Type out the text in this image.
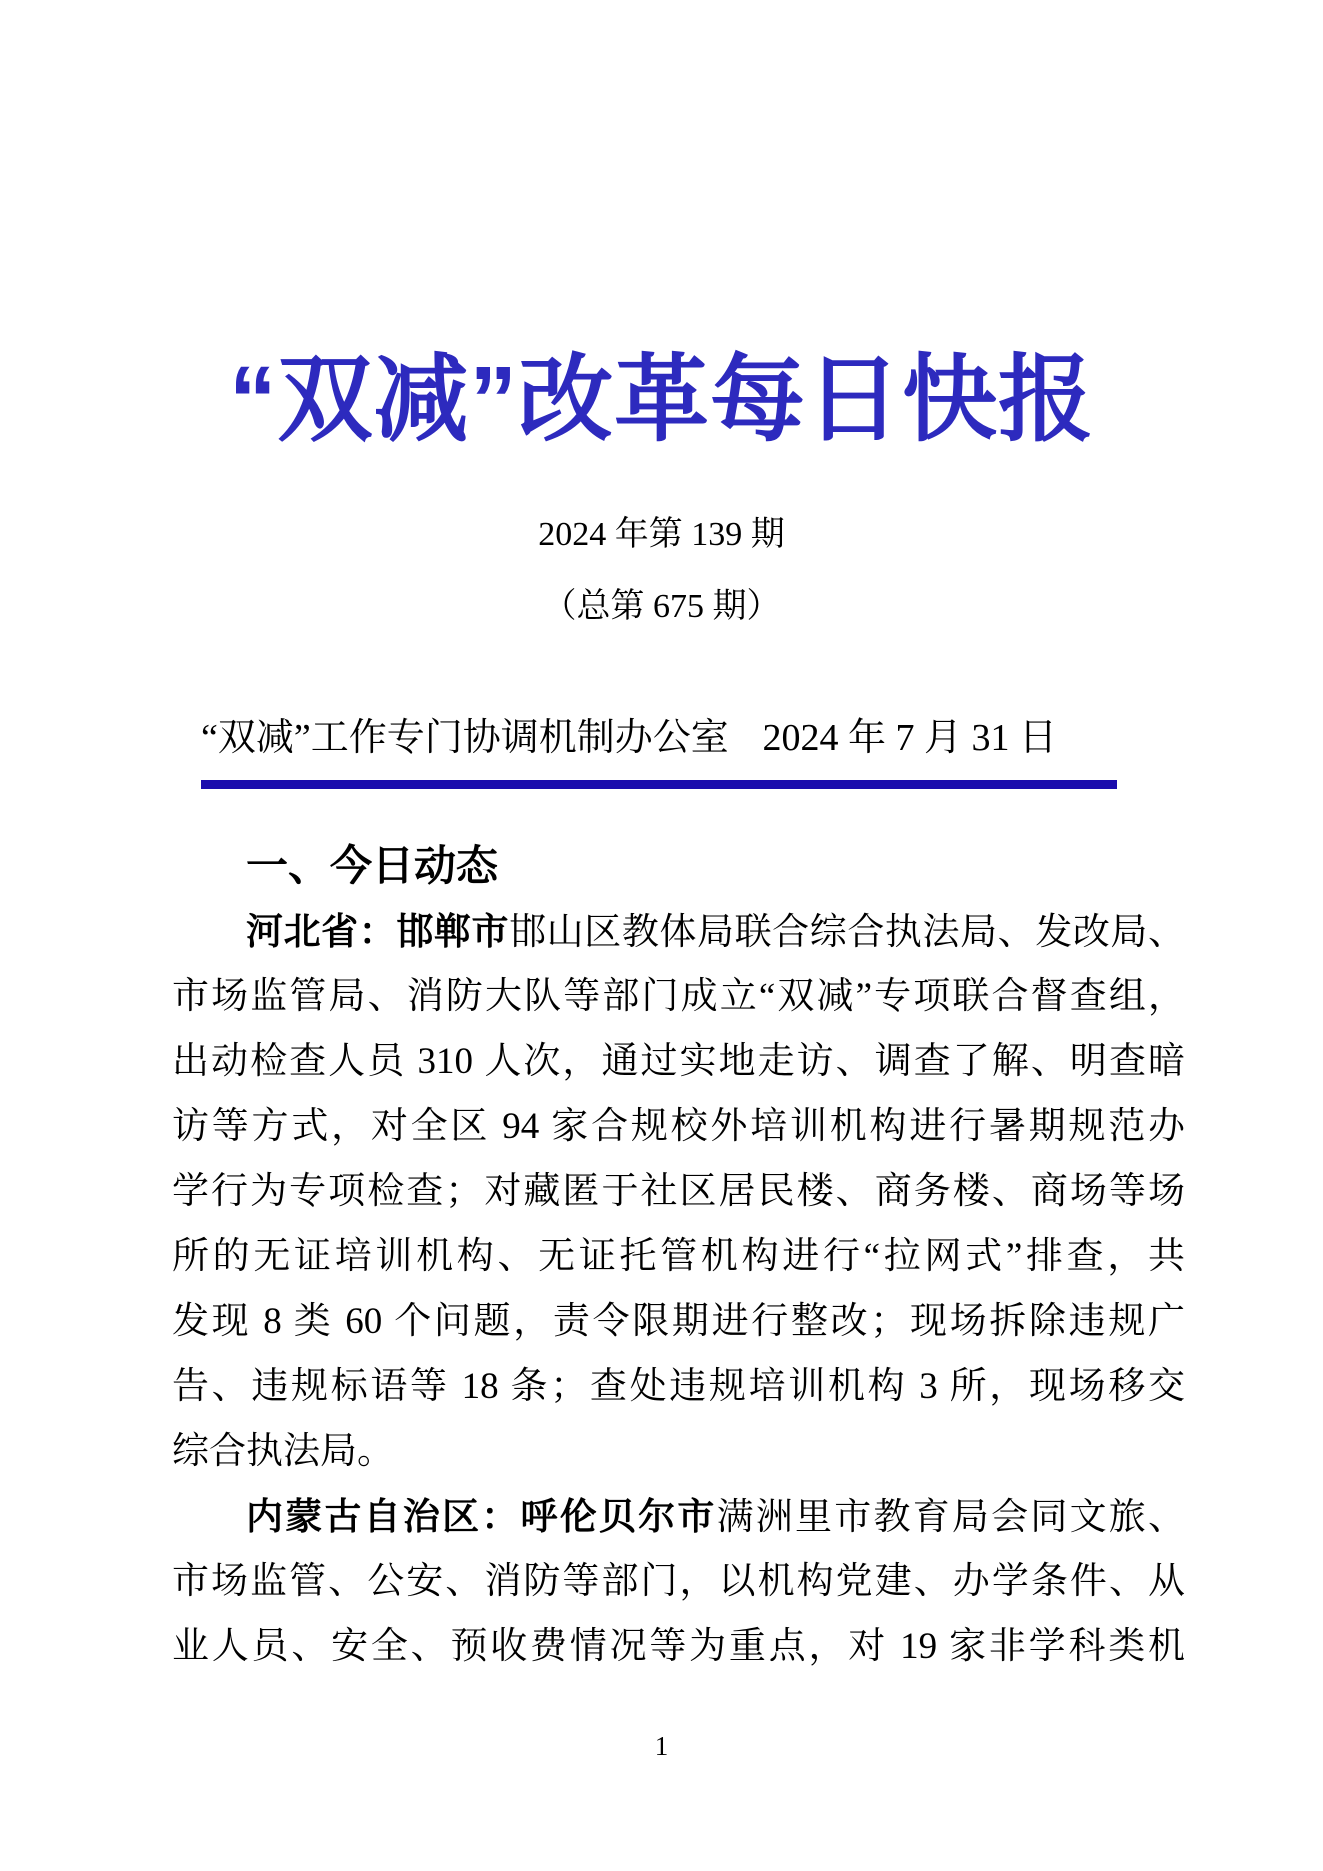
“双减”改革每日快报
2024 年第 139 期
（总第 675 期）
“双减”工作专门协调机制办公室 2024 年 7 月 31 日
一、今日动态
河北省：邯郸市邯山区教体局联合综合执法局、发改局、
市场监管局、消防大队等部门成立“双减”专项联合督查组，
出动检查人员 310 人次，通过实地走访、调查了解、明查暗
访等方式，对全区 94 家合规校外培训机构进行暑期规范办
学行为专项检查；对藏匿于社区居民楼、商务楼、商场等场
所的无证培训机构、无证托管机构进行“拉网式”排查，共
发现 8 类 60 个问题，责令限期进行整改；现场拆除违规广
告、违规标语等 18 条；查处违规培训机构 3 所，现场移交
综合执法局。
内蒙古自治区：呼伦贝尔市满洲里市教育局会同文旅、
市场监管、公安、消防等部门，以机构党建、办学条件、从
业人员、安全、预收费情况等为重点，对 19 家非学科类机
1
